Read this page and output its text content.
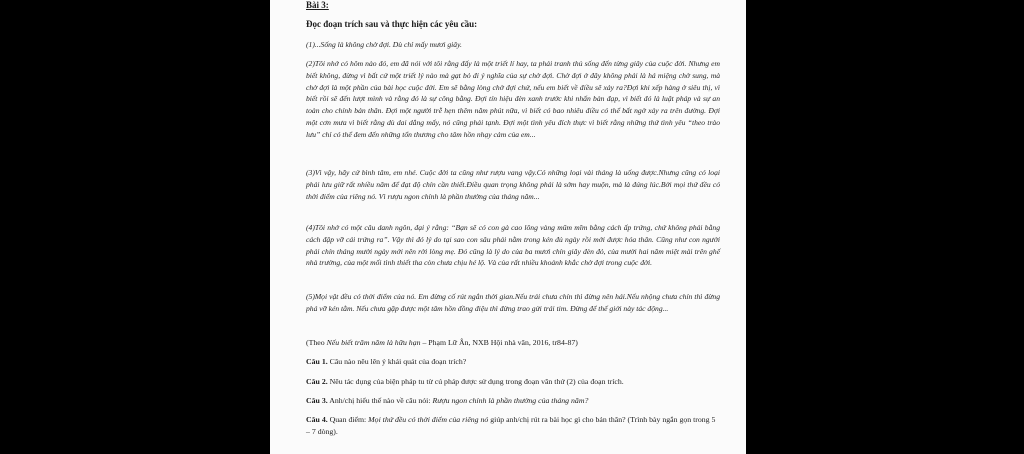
Bài 3:

Đọc đoạn trích sau và thực hiện các yêu cầu:

(1)...Sống là không chờ đợi. Dù chỉ mấy mươi giây.

(2)Tôi nhớ có hôm nào đó, em đã nói với tôi rằng đấy là một triết lí hay, ta phải tranh thủ sống đến từng giây của cuộc đời. Nhưng em biết không, đừng vì bất cứ một triết lý nào mà gạt bỏ đi ý nghĩa của sự chờ đợi. Chờ đợi ở đây không phải là há miệng chờ sung, mà chờ đợi là một phần của bài học cuộc đời. Em sẽ bằng lòng chờ đợi chứ, nếu em biết về điều sẽ xảy ra?Đợi khi xếp hàng ở siêu thị, vì biết rồi sẽ đến lượt mình và rằng đó là sự công bằng. Đợi tín hiệu đèn xanh trước khi nhấn bàn đạp, vì biết đó là luật pháp và sự an toàn cho chính bản thân. Đợi một người trễ hẹn thêm năm phút nữa, vì biết có bao nhiêu điều có thể bất ngờ xảy ra trên đường. Đợi một cơn mưa vì biết rằng dù dai dẳng mấy, nó cũng phải tạnh. Đợi một tình yêu đích thực vì biết rằng những thứ tình yêu “theo trào lưu” chỉ có thể đem đến những tổn thương cho tâm hồn nhạy cảm của em...

(3)Vì vậy, hãy cứ bình tâm, em nhé. Cuộc đời ta cũng như rượu vang vậy.Có những loại vài tháng là uống được.Nhưng cũng có loại phải lưu giữ rất nhiều năm để đạt độ chín cần thiết.Điều quan trọng không phải là sớm hay muộn, mà là đúng lúc.Bởi mọi thứ đều có thời điểm của riêng nó. Vì rượu ngon chính là phần thưởng của tháng năm...

(4)Tôi nhớ có một câu danh ngôn, đại ý rằng: “Bạn sẽ có con gà cao lông vàng mũm mĩm bằng cách ấp trứng, chứ không phải bằng cách đập vỡ cái trứng ra”. Vậy thì đó lý do tại sao con sâu phải nằm trong kén đủ ngày rồi mới được hóa thân. Cũng như con người phải chín tháng mười ngày mới nên rời lòng mẹ. Đó cũng là lý do của ba mươi chín giây đèn đỏ, của mười hai năm miệt mài trên ghế nhà trường, của một mối tình thiết tha còn chưa chịu hé lộ. Và của rất nhiều khoảnh khắc chờ đợi trong cuộc đời.

(5)Mọi vật đều có thời điểm của nó. Em đừng cố rút ngắn thời gian.Nếu trái chưa chín thì đừng nên hái.Nếu nhộng chưa chín thì đừng phá vỡ kén tằm. Nếu chưa gặp được một tâm hồn đồng điệu thì đừng trao gửi trái tim. Đừng để thế giới này tác động...

(Theo Nếu biết trăm năm là hữu hạn – Phạm Lữ Ân, NXB Hội nhà văn, 2016, tr84-87)

Câu 1. Câu nào nêu lên ý khái quát của đoạn trích?

Câu 2. Nêu tác dụng của biện pháp tu từ cú pháp được sử dụng trong đoạn văn thứ (2) của đoạn trích.

Câu 3. Anh/chị hiểu thế nào về câu nói: Rượu ngon chính là phần thưởng của tháng năm?

Câu 4. Quan điểm: Mọi thứ đều có thời điểm của riêng nó giúp anh/chị rút ra bài học gì cho bản thân? (Trình bày ngắn gọn trong 5 – 7 dòng).
